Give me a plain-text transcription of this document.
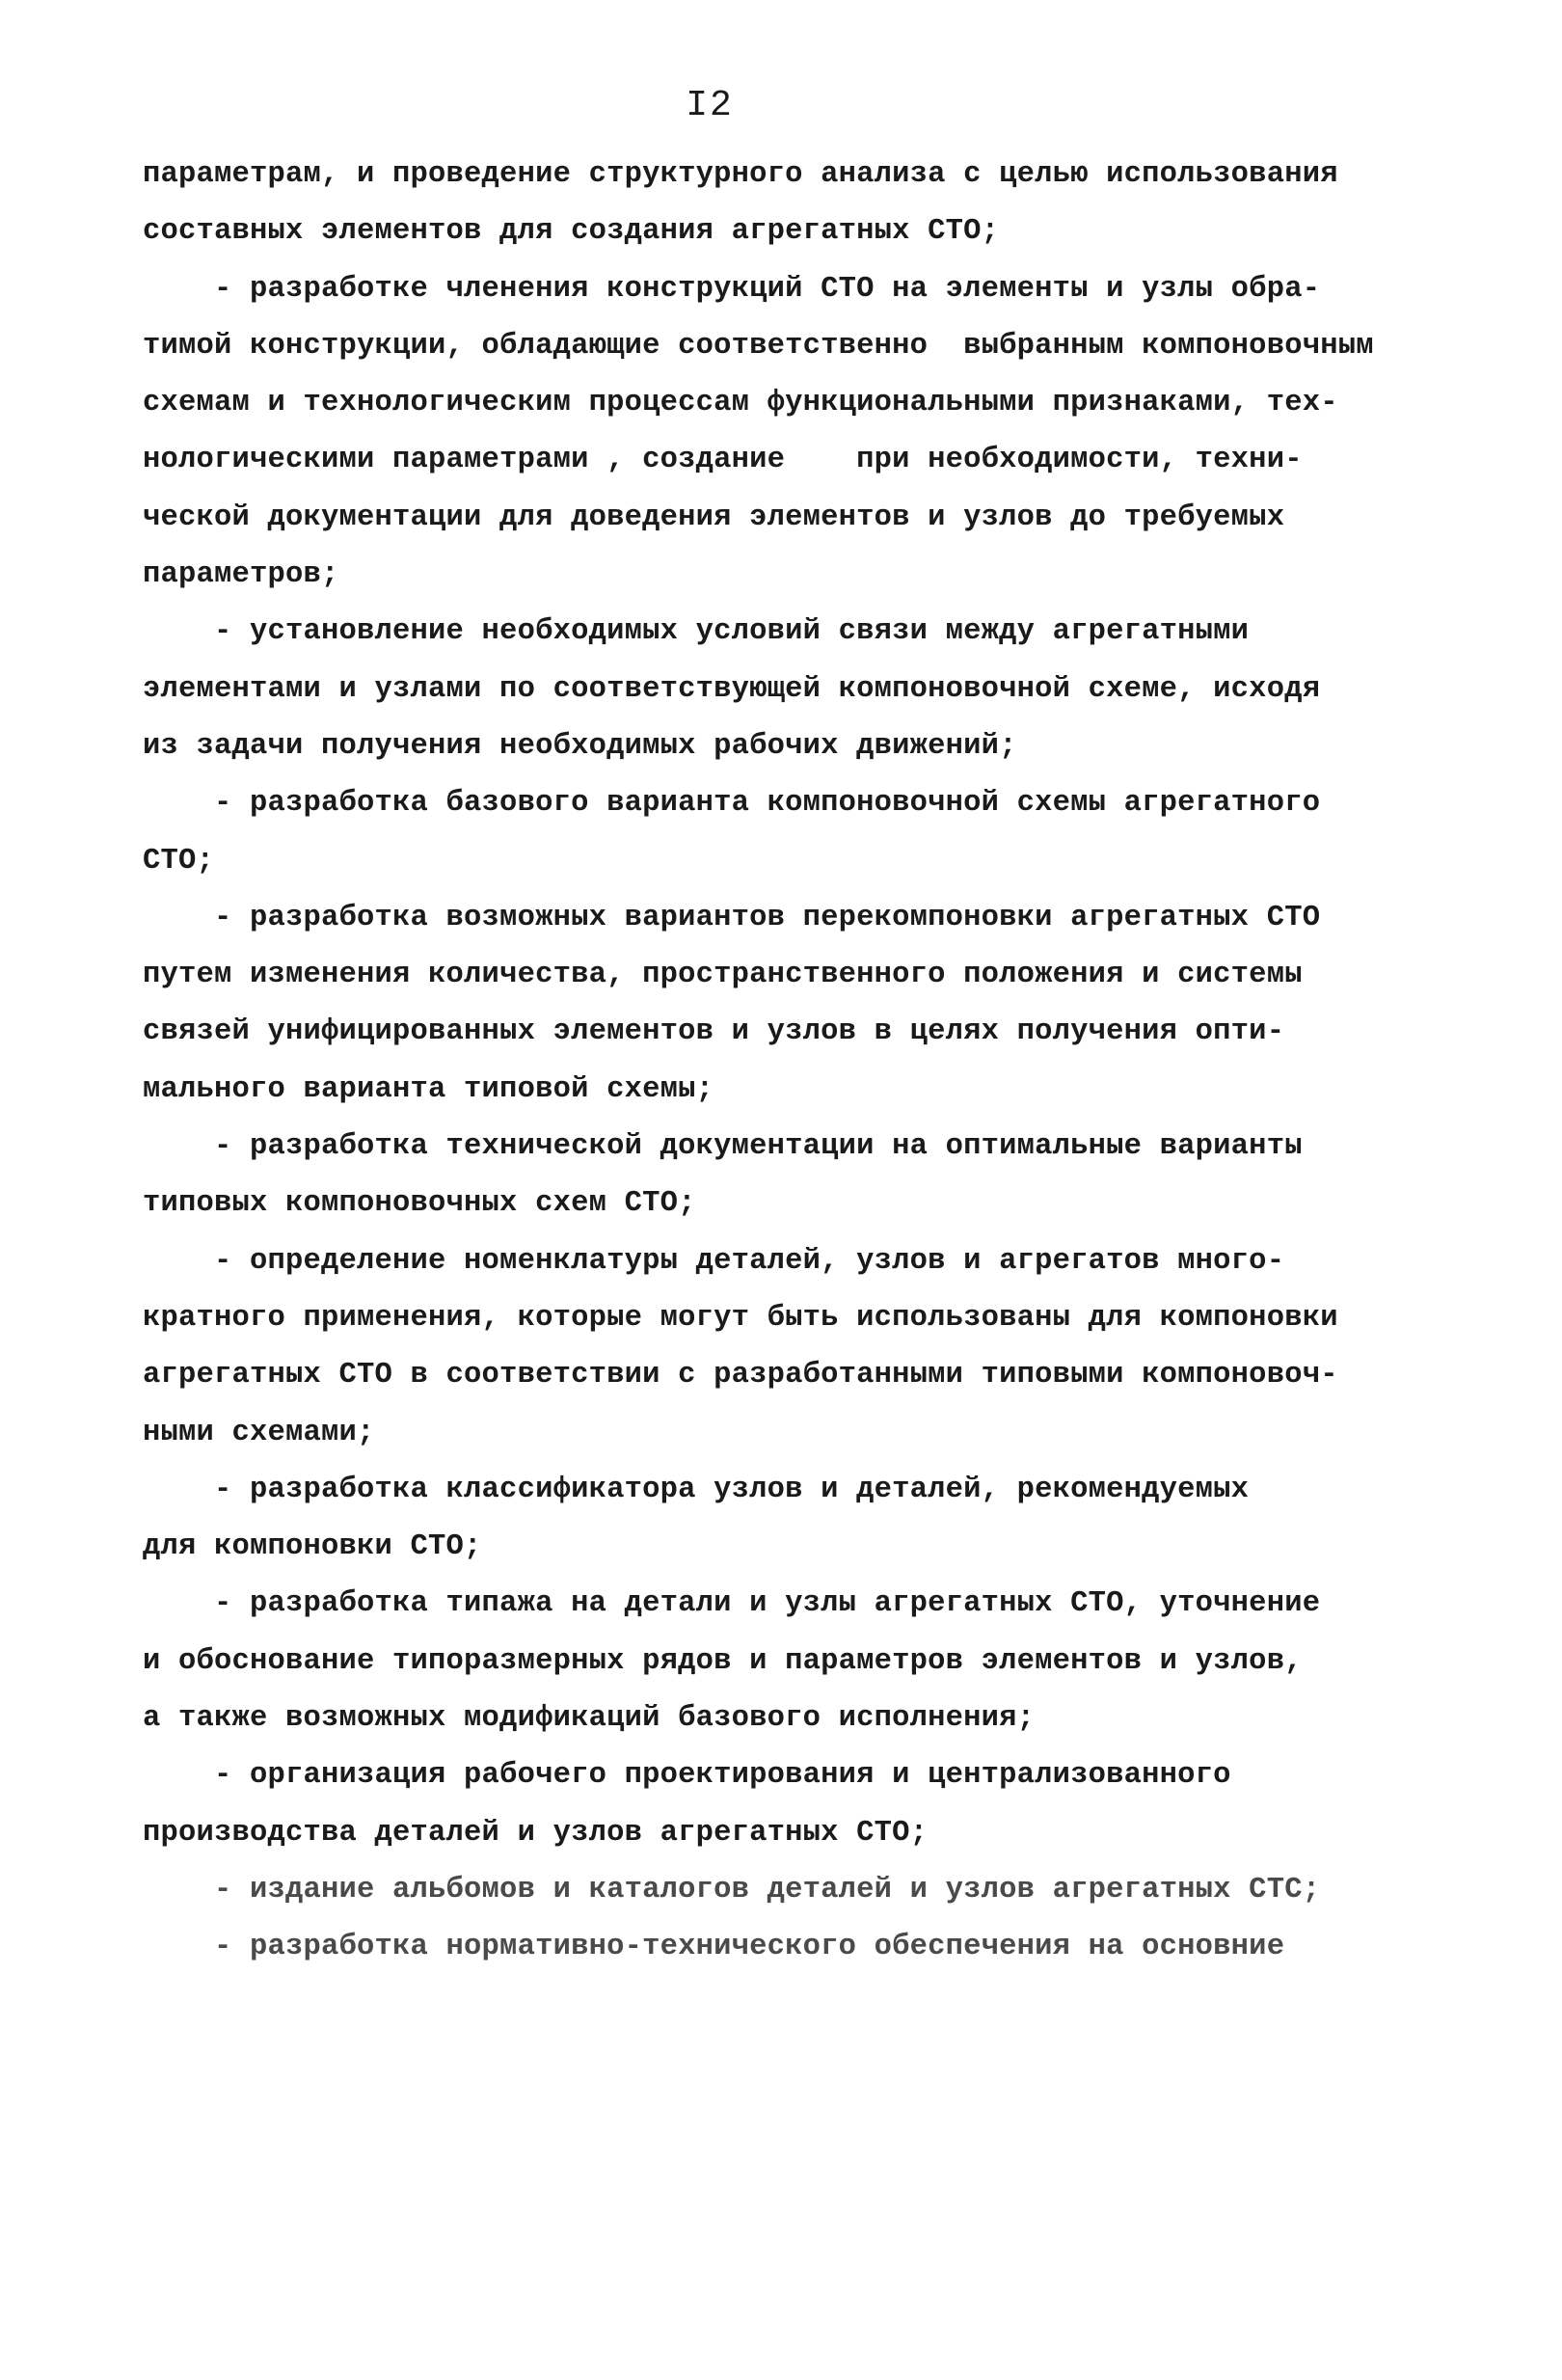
I2
параметрам, и проведение структурного анализа с целью использования
составных элементов для создания агрегатных СТО;
- разработке членения конструкций СТО на элементы и узлы обра-
тимой конструкции, обладающие соответственно  выбранным компоновочным
схемам и технологическим процессам функциональными признаками, тех-
нологическими параметрами , создание    при необходимости, техни-
ческой документации для доведения элементов и узлов до требуемых
параметров;
- установление необходимых условий связи между агрегатными
элементами и узлами по соответствующей компоновочной схеме, исходя
из задачи получения необходимых рабочих движений;
- разработка базового варианта компоновочной схемы агрегатного
СТО;
- разработка возможных вариантов перекомпоновки агрегатных СТО
путем изменения количества, пространственного положения и системы
связей унифицированных элементов и узлов в целях получения опти-
мального варианта типовой схемы;
- разработка технической документации на оптимальные варианты
типовых компоновочных схем СТО;
- определение номенклатуры деталей, узлов и агрегатов много-
кратного применения, которые могут быть использованы для компоновки
агрегатных СТО в соответствии с разработанными типовыми компоновоч-
ными схемами;
- разработка классификатора узлов и деталей, рекомендуемых
для компоновки СТО;
- разработка типажа на детали и узлы агрегатных СТО, уточнение
и обоснование типоразмерных рядов и параметров элементов и узлов,
а также возможных модификаций базового исполнения;
- организация рабочего проектирования и централизованного
производства деталей и узлов агрегатных СТО;
- издание альбомов и каталогов деталей и узлов агрегатных СТС;
- разработка нормативно-технического обеспечения на основние
